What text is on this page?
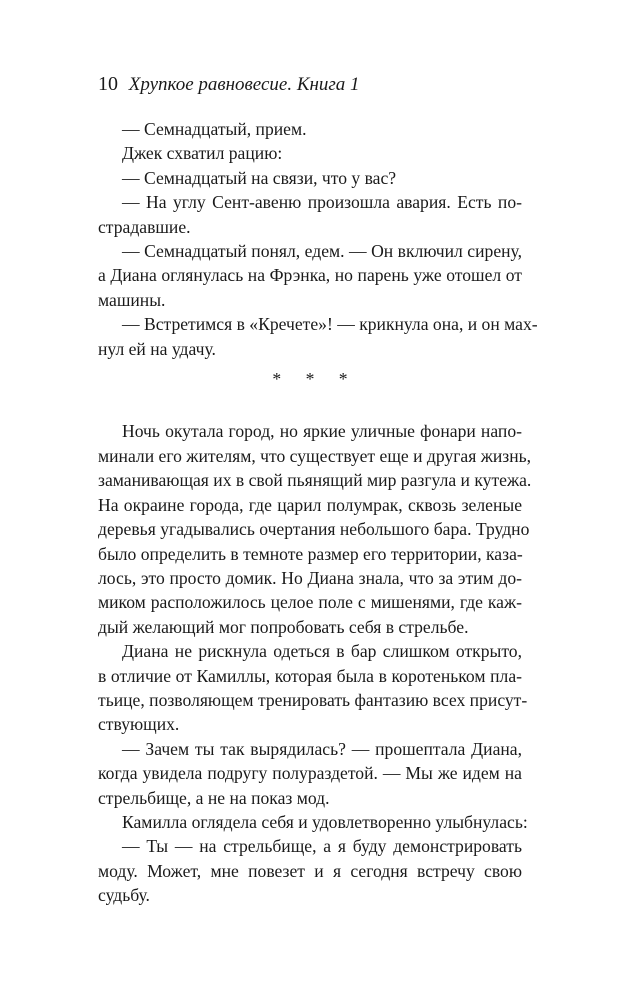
10 Хрупкое равновесие. Книга 1
— Семнадцатый, прием.
Джек схватил рацию:
— Семнадцатый на связи, что у вас?
— На углу Сент-авеню произошла авария. Есть по-
страдавшие.
— Семнадцатый понял, едем. — Он включил сирену,
а Диана оглянулась на Фрэнка, но парень уже отошел от
машины.
— Встретимся в «Кречете»! — крикнула она, и он мах-
нул ей на удачу.
* * *
Ночь окутала город, но яркие уличные фонари напо-
минали его жителям, что существует еще и другая жизнь,
заманивающая их в свой пьянящий мир разгула и кутежа.
На окраине города, где царил полумрак, сквозь зеленые
деревья угадывались очертания небольшого бара. Трудно
было определить в темноте размер его территории, каза-
лось, это просто домик. Но Диана знала, что за этим до-
миком расположилось целое поле с мишенями, где каж-
дый желающий мог попробовать себя в стрельбе.
Диана не рискнула одеться в бар слишком открыто,
в отличие от Камиллы, которая была в коротеньком пла-
тьице, позволяющем тренировать фантазию всех присут-
ствующих.
— Зачем ты так вырядилась? — прошептала Диана,
когда увидела подругу полураздетой. — Мы же идем на
стрельбище, а не на показ мод.
Камилла оглядела себя и удовлетворенно улыбнулась:
— Ты — на стрельбище, а я буду демонстрировать
моду. Может, мне повезет и я сегодня встречу свою
судьбу.
